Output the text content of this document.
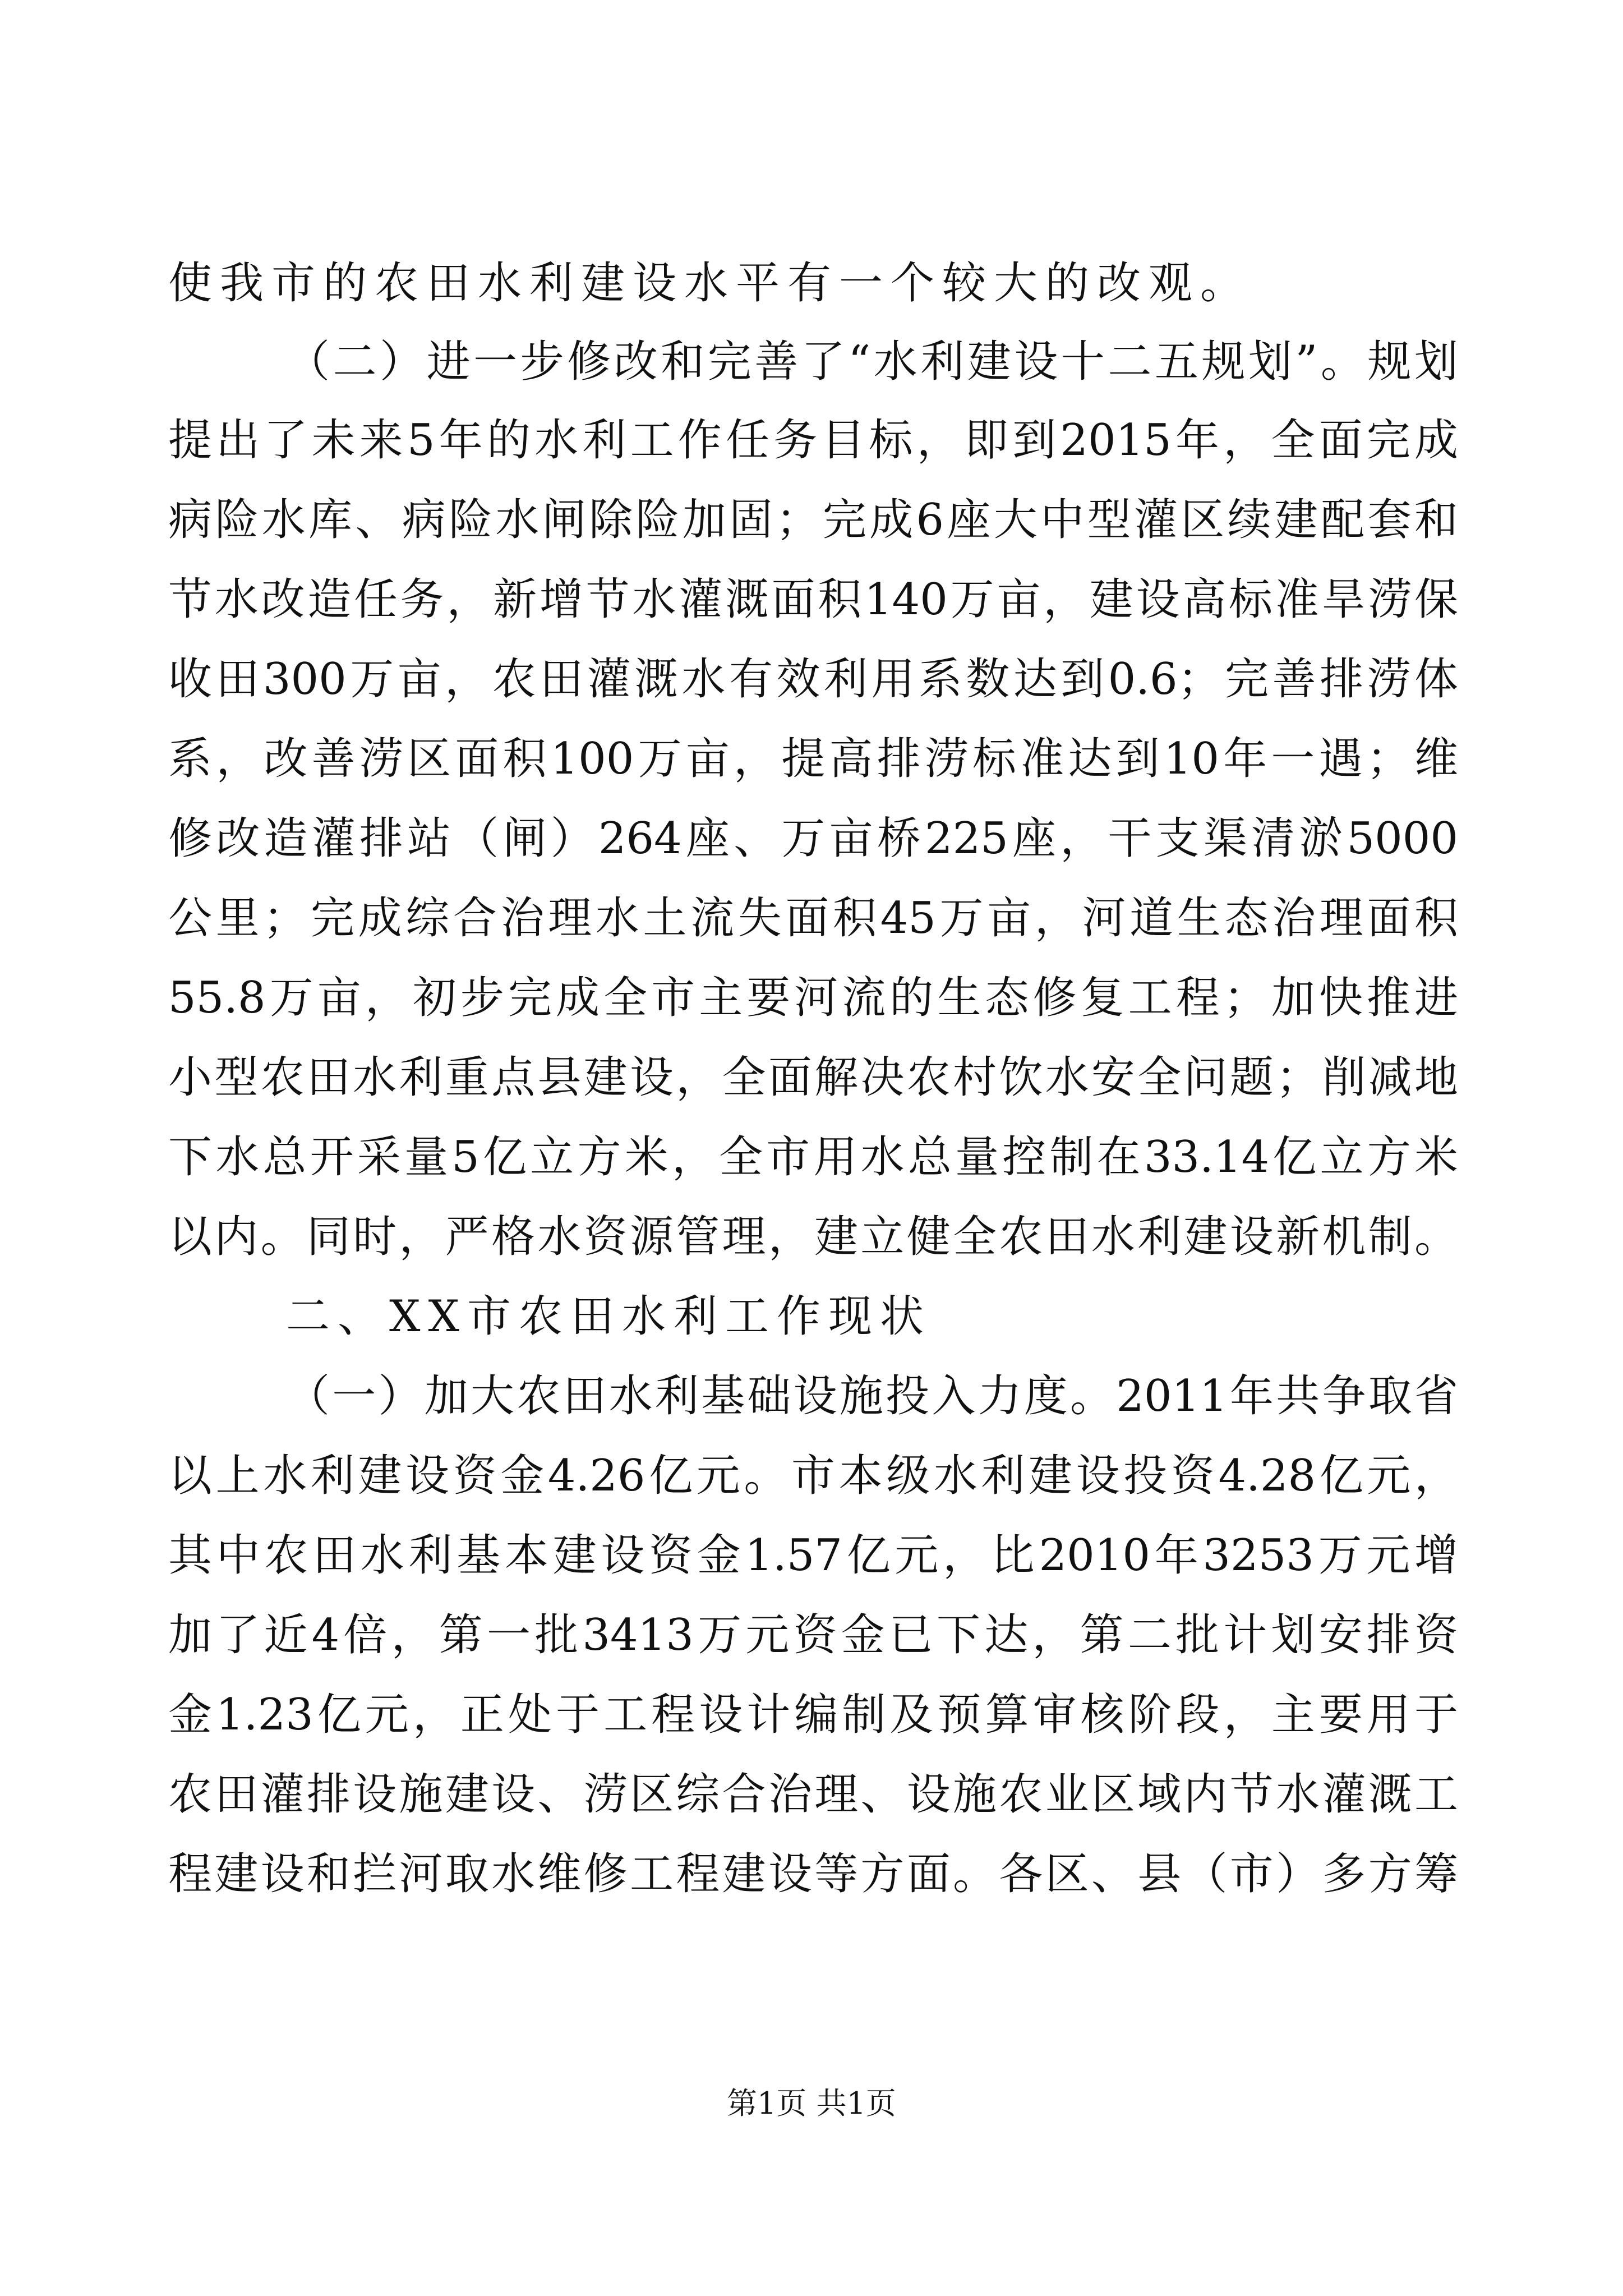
使我市的农田水利建设水平有一个较大的改观。
（二）进一步修改和完善了“水利建设十二五规划”。规划
提出了未来5年的水利工作任务目标，即到2015年，全面完成
病险水库、病险水闸除险加固；完成6座大中型灌区续建配套和
节水改造任务，新增节水灌溉面积140万亩，建设高标准旱涝保
收田300万亩，农田灌溉水有效利用系数达到0.6；完善排涝体
系，改善涝区面积100万亩，提高排涝标准达到10年一遇；维
修改造灌排站（闸）264座、万亩桥225座，干支渠清淤5000
公里；完成综合治理水土流失面积45万亩，河道生态治理面积
55.8万亩，初步完成全市主要河流的生态修复工程；加快推进
小型农田水利重点县建设，全面解决农村饮水安全问题；削减地
下水总开采量5亿立方米，全市用水总量控制在33.14亿立方米
以内。同时，严格水资源管理，建立健全农田水利建设新机制。
二、XX市农田水利工作现状
（一）加大农田水利基础设施投入力度。2011年共争取省
以上水利建设资金4.26亿元。市本级水利建设投资4.28亿元，
其中农田水利基本建设资金1.57亿元，比2010年3253万元增
加了近4倍，第一批3413万元资金已下达，第二批计划安排资
金1.23亿元，正处于工程设计编制及预算审核阶段，主要用于
农田灌排设施建设、涝区综合治理、设施农业区域内节水灌溉工
程建设和拦河取水维修工程建设等方面。各区、县（市）多方筹
第1页 共1页
